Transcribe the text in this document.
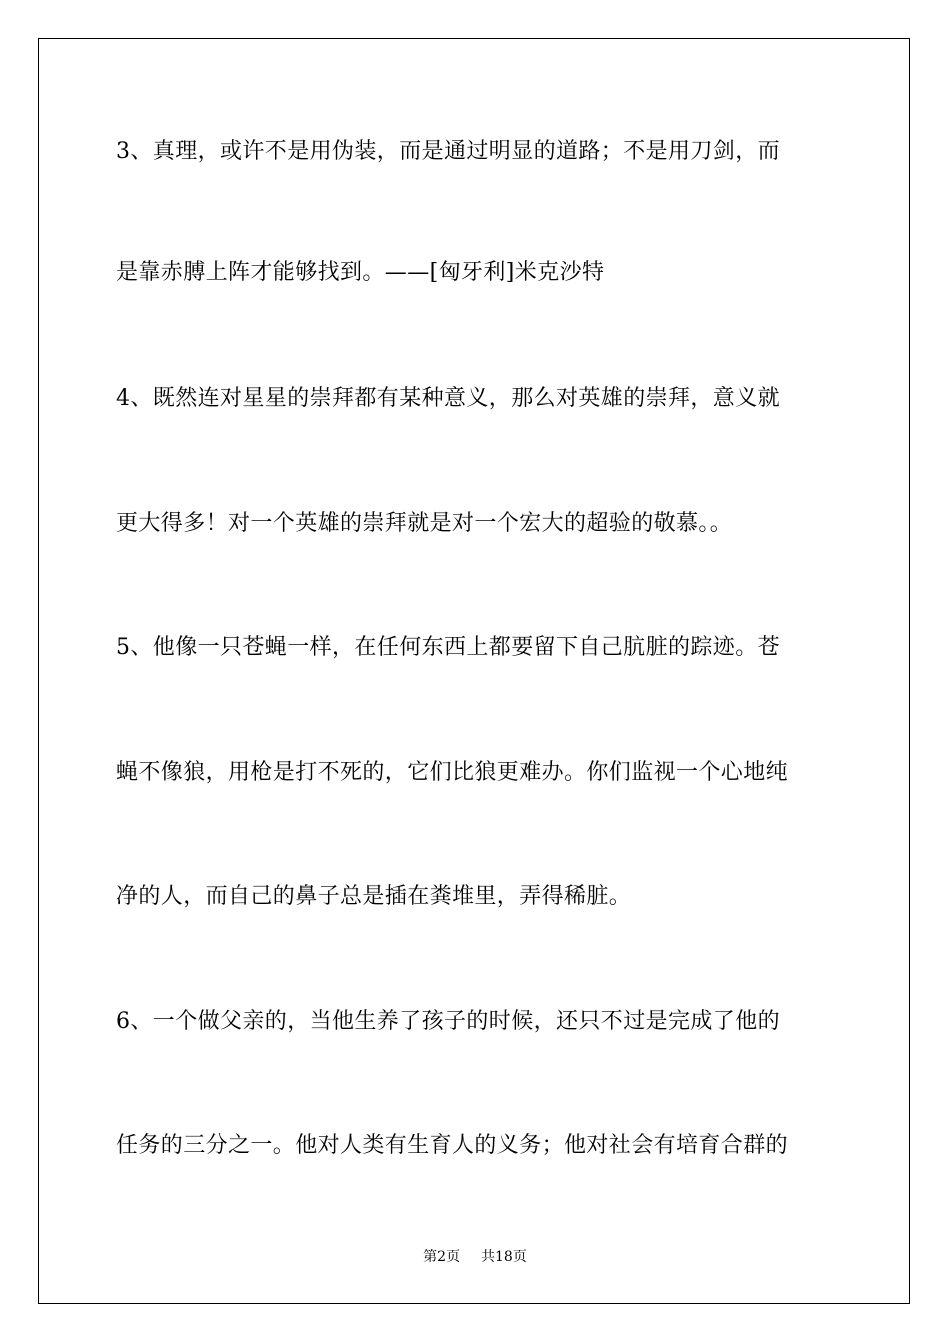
3、真理，或许不是用伪装，而是通过明显的道路；不是用刀剑，而
是靠赤膊上阵才能够找到。——[匈牙利]米克沙特
4、既然连对星星的崇拜都有某种意义，那么对英雄的崇拜，意义就
更大得多！对一个英雄的崇拜就是对一个宏大的超验的敬慕。。
5、他像一只苍蝇一样，在任何东西上都要留下自己肮脏的踪迹。苍
蝇不像狼，用枪是打不死的，它们比狼更难办。你们监视一个心地纯
净的人，而自己的鼻子总是插在粪堆里，弄得稀脏。
6、一个做父亲的，当他生养了孩子的时候，还只不过是完成了他的
任务的三分之一。他对人类有生育人的义务；他对社会有培育合群的
第2页 共18页
